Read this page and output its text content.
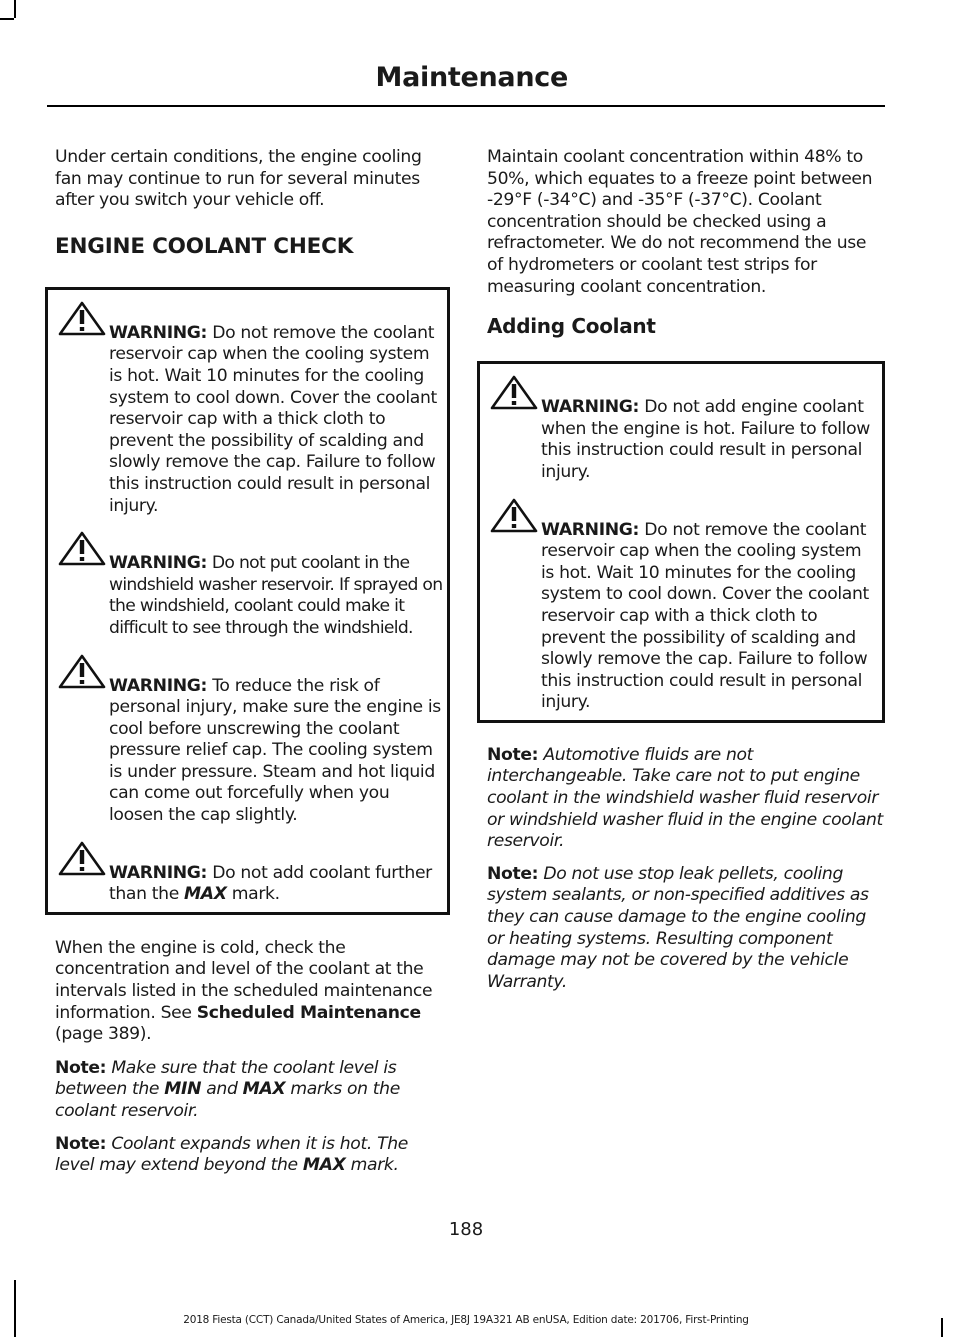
Maintenance

Under certain conditions, the engine cooling fan may continue to run for several minutes after you switch your vehicle off.

ENGINE COOLANT CHECK
WARNING: Do not remove the coolant reservoir cap when the cooling system is hot. Wait 10 minutes for the cooling system to cool down. Cover the coolant reservoir cap with a thick cloth to prevent the possibility of scalding and slowly remove the cap. Failure to follow this instruction could result in personal injury.
WARNING: Do not put coolant in the windshield washer reservoir. If sprayed on the windshield, coolant could make it difficult to see through the windshield.
WARNING: To reduce the risk of personal injury, make sure the engine is cool before unscrewing the coolant pressure relief cap. The cooling system is under pressure. Steam and hot liquid can come out forcefully when you loosen the cap slightly.
WARNING: Do not add coolant further than the MAX mark.

When the engine is cold, check the concentration and level of the coolant at the intervals listed in the scheduled maintenance information. See Scheduled Maintenance (page 389).

Note: Make sure that the coolant level is between the MIN and MAX marks on the coolant reservoir.

Note: Coolant expands when it is hot. The level may extend beyond the MAX mark.

Maintain coolant concentration within 48% to 50%, which equates to a freeze point between -29°F (-34°C) and -35°F (-37°C). Coolant concentration should be checked using a refractometer. We do not recommend the use of hydrometers or coolant test strips for measuring coolant concentration.

Adding Coolant
WARNING: Do not add engine coolant when the engine is hot. Failure to follow this instruction could result in personal injury.
WARNING: Do not remove the coolant reservoir cap when the cooling system is hot. Wait 10 minutes for the cooling system to cool down. Cover the coolant reservoir cap with a thick cloth to prevent the possibility of scalding and slowly remove the cap. Failure to follow this instruction could result in personal injury.

Note: Automotive fluids are not interchangeable. Take care not to put engine coolant in the windshield washer fluid reservoir or windshield washer fluid in the engine coolant reservoir.

Note: Do not use stop leak pellets, cooling system sealants, or non-specified additives as they can cause damage to the engine cooling or heating systems. Resulting component damage may not be covered by the vehicle Warranty.

188
2018 Fiesta (CCT) Canada/United States of America, JE8J 19A321 AB enUSA, Edition date: 201706, First-Printing
